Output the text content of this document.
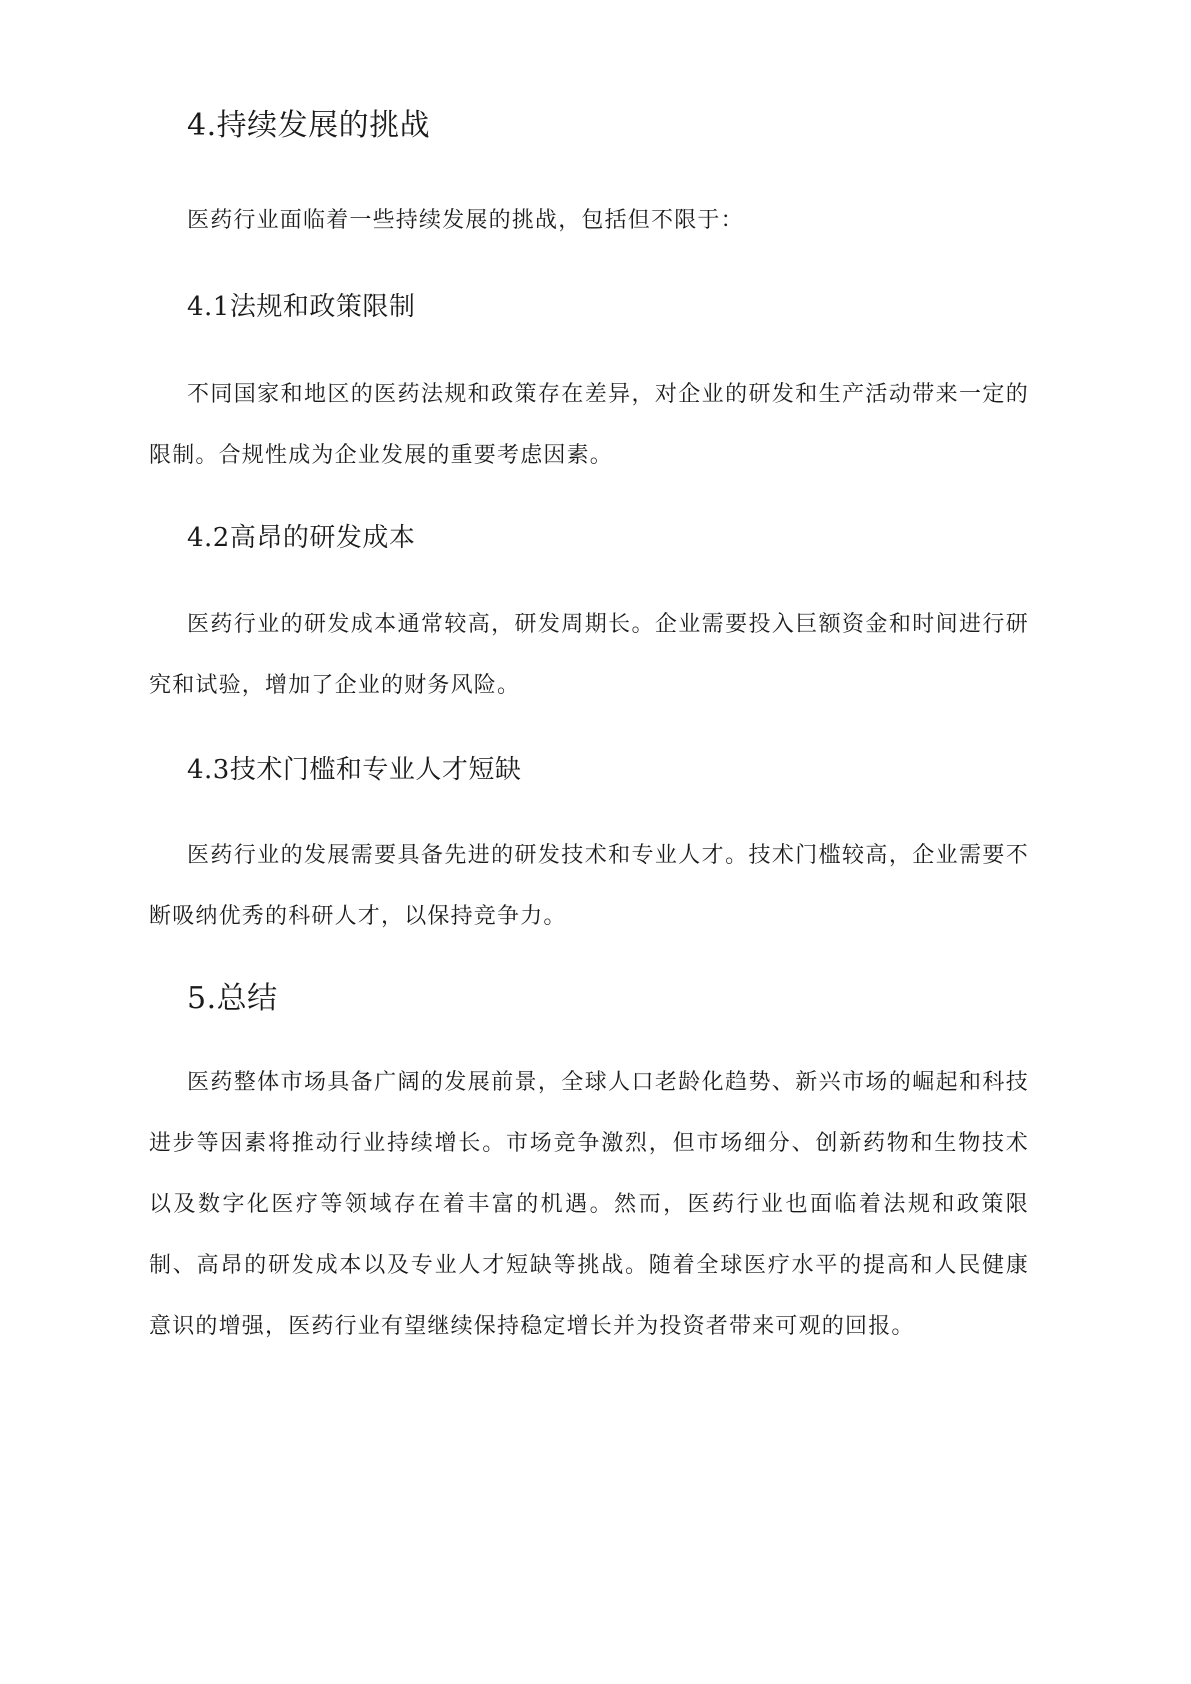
4.持续发展的挑战
医药行业面临着一些持续发展的挑战，包括但不限于：
4.1法规和政策限制
不同国家和地区的医药法规和政策存在差异，对企业的研发和生产活动带来一定的限制。合规性成为企业发展的重要考虑因素。
4.2高昂的研发成本
医药行业的研发成本通常较高，研发周期长。企业需要投入巨额资金和时间进行研究和试验，增加了企业的财务风险。
4.3技术门槛和专业人才短缺
医药行业的发展需要具备先进的研发技术和专业人才。技术门槛较高，企业需要不断吸纳优秀的科研人才，以保持竞争力。
5.总结
医药整体市场具备广阔的发展前景，全球人口老龄化趋势、新兴市场的崛起和科技进步等因素将推动行业持续增长。市场竞争激烈，但市场细分、创新药物和生物技术以及数字化医疗等领域存在着丰富的机遇。然而，医药行业也面临着法规和政策限制、高昂的研发成本以及专业人才短缺等挑战。随着全球医疗水平的提高和人民健康意识的增强，医药行业有望继续保持稳定增长并为投资者带来可观的回报。
